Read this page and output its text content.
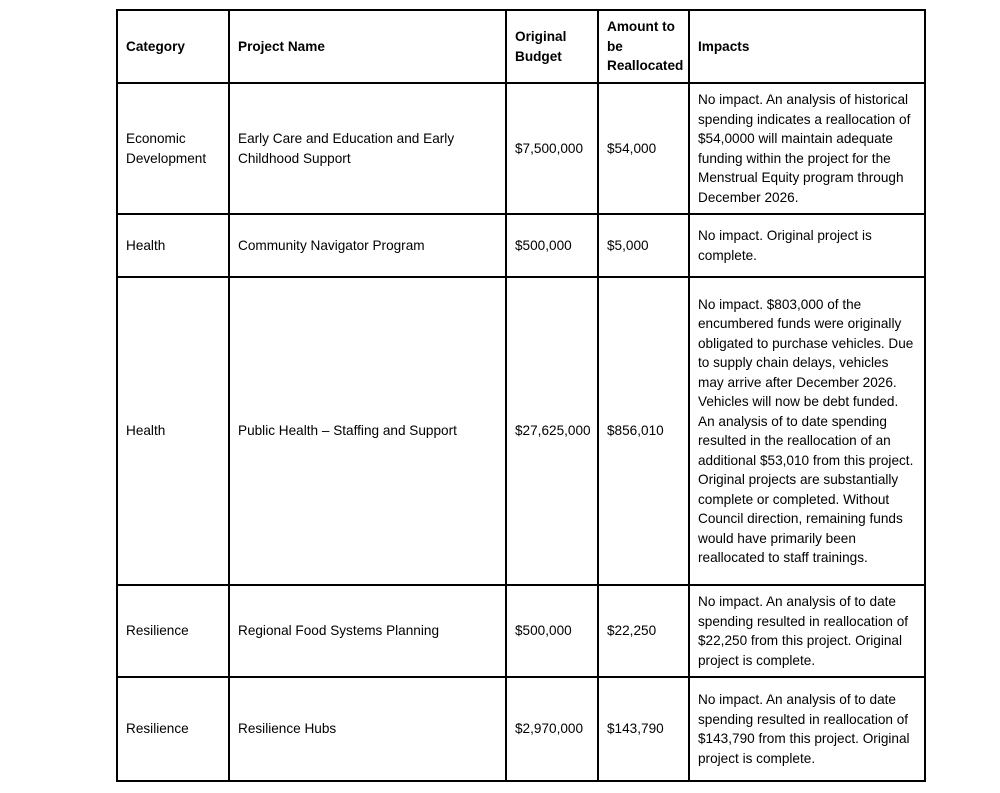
Category	Project Name	Original Budget	Amount to be Reallocated	Impacts
Economic Development	Early Care and Education and Early Childhood Support	$7,500,000	$54,000	No impact. An analysis of historical spending indicates a reallocation of $54,0000 will maintain adequate funding within the project for the Menstrual Equity program through December 2026.
Health	Community Navigator Program	$500,000	$5,000	No impact. Original project is complete.
Health	Public Health – Staffing and Support	$27,625,000	$856,010	No impact. $803,000 of the encumbered funds were originally obligated to purchase vehicles. Due to supply chain delays, vehicles may arrive after December 2026. Vehicles will now be debt funded. An analysis of to date spending resulted in the reallocation of an additional $53,010 from this project. Original projects are substantially complete or completed. Without Council direction, remaining funds would have primarily been reallocated to staff trainings.
Resilience	Regional Food Systems Planning	$500,000	$22,250	No impact. An analysis of to date spending resulted in reallocation of $22,250 from this project. Original project is complete.
Resilience	Resilience Hubs	$2,970,000	$143,790	No impact. An analysis of to date spending resulted in reallocation of $143,790 from this project. Original project is complete.
